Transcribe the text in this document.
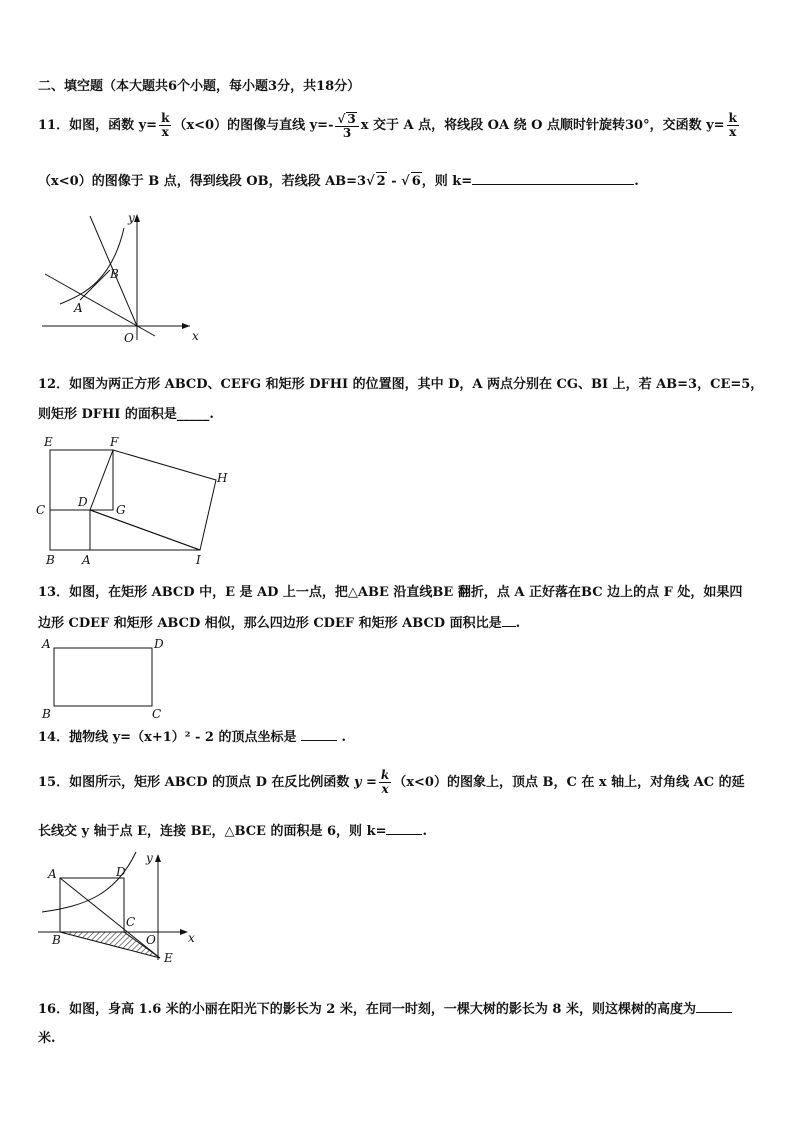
二、填空题（本大题共6个小题，每小题3分，共18分）
11．如图，函数 $y= \frac{k}{x} (x<0)$的图像与直线 $y=- \frac{√ 3}{3}$ x 交于 A 点，将线段 OA 绕 O 点顺时针旋转30°，交函数 $y= \frac{k}{x}$
（x<0）的图像于 B 点，得到线段 OB，若线段 AB=3√ 2 - √ 6，则 k=	.
y
B
A
O	x
12．如图为两正方形 ABCD、CEFG 和矩形 DFHI 的位置图，其中 D，A 两点分别在 CG、BI 上，若 AB=3，CE=5，
则矩形 DFHI 的面积是_____.
E	F
H
D
C	G
B A	I
13．如图，在矩形 ABCD 中，E 是 AD 上一点，把△ABE 沿直线BE 翻折，点 A 正好落在BC 边上的点 F 处，如果四
边形 CDEF 和矩形 ABCD 相似，那么四边形 CDEF 和矩形 ABCD 面积比是 .
A	D
B	C
14．抛物线 y=（x+1）² - 2 的顶点坐标是	.
15．如图所示，矩形 ABCD 的顶点 D 在反比例函数 $y = \frac{k}{x} (x<0)$的图象上，顶点 B，C 在 x 轴上，对角线 AC 的延
长线交 y 轴于点 E，连接 BE，△BCE 的面积是 6，则 k=	.
y
A	D
C
B	O	x
E
16．如图，身高 1.6 米的小丽在阳光下的影长为 2 米，在同一时刻，一棵大树的影长为 8 米，则这棵树的高度为
米.
